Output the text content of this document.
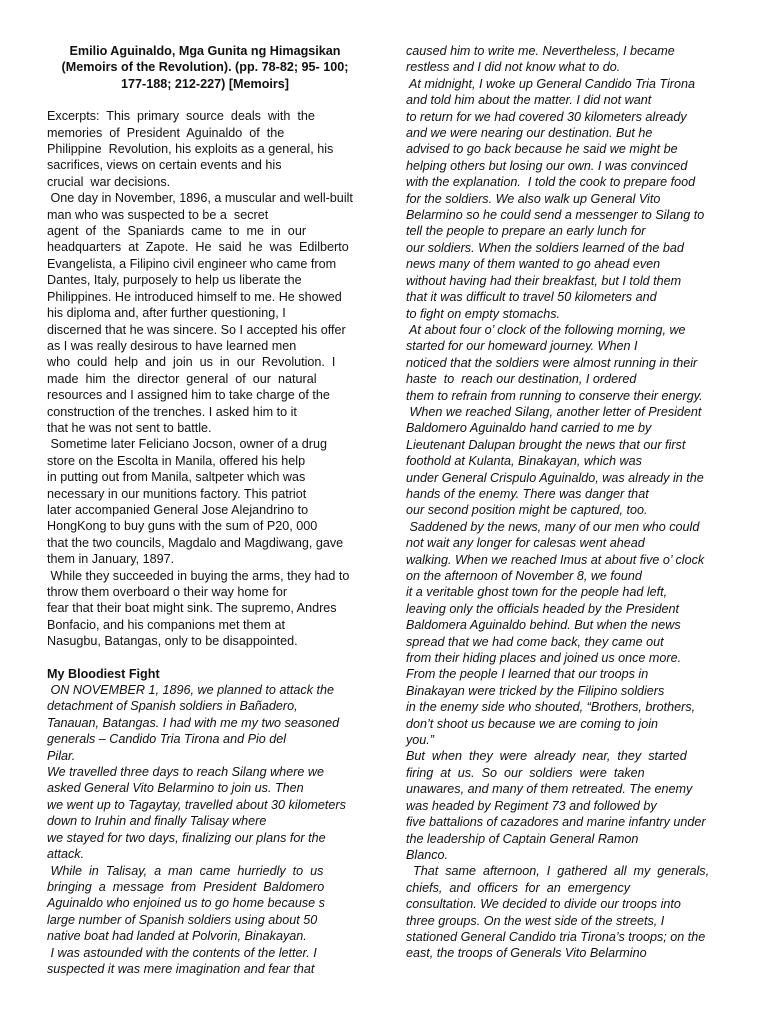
Emilio Aguinaldo, Mga Gunita ng Himagsikan
(Memoirs of the Revolution). (pp. 78-82; 95- 100;
177-188; 212-227) [Memoirs]
Excerpts:  This  primary  source  deals  with  the
memories  of  President  Aguinaldo  of  the
Philippine  Revolution, his exploits as a general, his
sacrifices, views on certain events and his
crucial  war decisions.
One day in November, 1896, a muscular and well-built
man who was suspected to be a  secret
agent  of  the  Spaniards  came  to  me  in  our
headquarters  at  Zapote.  He  said  he  was  Edilberto
Evangelista, a Filipino civil engineer who came from
Dantes, Italy, purposely to help us liberate the
Philippines. He introduced himself to me. He showed
his diploma and, after further questioning, I
discerned that he was sincere. So I accepted his offer
as I was really desirous to have learned men
who  could  help  and  join  us  in  our  Revolution.  I
made  him  the  director  general  of  our  natural
resources and I assigned him to take charge of the
construction of the trenches. I asked him to it
that he was not sent to battle.
Sometime later Feliciano Jocson, owner of a drug
store on the Escolta in Manila, offered his help
in putting out from Manila, saltpeter which was
necessary in our munitions factory. This patriot
later accompanied General Jose Alejandrino to
HongKong to buy guns with the sum of P20, 000
that the two councils, Magdalo and Magdiwang, gave
them in January, 1897.
While they succeeded in buying the arms, they had to
throw them overboard o their way home for
fear that their boat might sink. The supremo, Andres
Bonfacio, and his companions met them at
Nasugbu, Batangas, only to be disappointed.
My Bloodiest Fight
ON NOVEMBER 1, 1896, we planned to attack the
detachment of Spanish soldiers in Bañadero,
Tanauan, Batangas. I had with me my two seasoned
generals – Candido Tria Tirona and Pio del
Pilar.
We travelled three days to reach Silang where we
asked General Vito Belarmino to join us. Then
we went up to Tagaytay, travelled about 30 kilometers
down to Iruhin and finally Talisay where
we stayed for two days, finalizing our plans for the
attack.
While  in  Talisay,  a  man  came  hurriedly  to  us
bringing  a  message  from  President  Baldomero
Aguinaldo who enjoined us to go home because s
large number of Spanish soldiers using about 50
native boat had landed at Polvorin, Binakayan.
I was astounded with the contents of the letter. I
suspected it was mere imagination and fear that
caused him to write me. Nevertheless, I became
restless and I did not know what to do.
At midnight, I woke up General Candido Tria Tirona
and told him about the matter. I did not want
to return for we had covered 30 kilometers already
and we were nearing our destination. But he
advised to go back because he said we might be
helping others but losing our own. I was convinced
with the explanation.  I told the cook to prepare food
for the soldiers. We also walk up General Vito
Belarmino so he could send a messenger to Silang to
tell the people to prepare an early lunch for
our soldiers. When the soldiers learned of the bad
news many of them wanted to go ahead even
without having had their breakfast, but I told them
that it was difficult to travel 50 kilometers and
to fight on empty stomachs.
At about four o’ clock of the following morning, we
started for our homeward journey. When I
noticed that the soldiers were almost running in their
haste  to  reach our destination, I ordered
them to refrain from running to conserve their energy.
When we reached Silang, another letter of President
Baldomero Aguinaldo hand carried to me by
Lieutenant Dalupan brought the news that our first
foothold at Kulanta, Binakayan, which was
under General Crispulo Aguinaldo, was already in the
hands of the enemy. There was danger that
our second position might be captured, too.
Saddened by the news, many of our men who could
not wait any longer for calesas went ahead
walking. When we reached Imus at about five o’ clock
on the afternoon of November 8, we found
it a veritable ghost town for the people had left,
leaving only the officials headed by the President
Baldomera Aguinaldo behind. But when the news
spread that we had come back, they came out
from their hiding places and joined us once more.
From the people I learned that our troops in
Binakayan were tricked by the Filipino soldiers
in the enemy side who shouted, “Brothers, brothers,
don’t shoot us because we are coming to join
you.”
But  when  they  were  already  near,  they  started
firing  at  us.  So  our  soldiers  were  taken
unawares, and many of them retreated. The enemy
was headed by Regiment 73 and followed by
five battalions of cazadores and marine infantry under
the leadership of Captain General Ramon
Blanco.
That  same  afternoon,  I  gathered  all  my  generals,
chiefs,  and  officers  for  an  emergency
consultation. We decided to divide our troops into
three groups. On the west side of the streets, I
stationed General Candido tria Tirona’s troops; on the
east, the troops of Generals Vito Belarmino
